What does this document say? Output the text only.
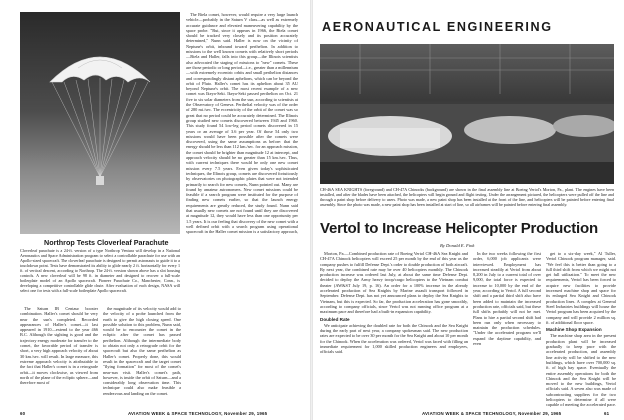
The Biela comet, however, would require a very large launch vehicle—probably in the Saturn V class—as well as extremely accurate guidance and elevated maneuvering capability by the space probe. "But, since it appears in 1966, the Biela comet should be tracked very closely and its position accurately determined," Nunn said. Haller is now on the vicinity of Neptune's orbit, inbound toward perihelion. In addition to missions to the well known comets with relatively short periods—Biela and Haller, falls into this group—the Illinois scientists also advocated the staging of missions to "new" comets. These are those periodic or long period—i.e., greater than a millennium—with extremely eccentric orbits and small perihelion distances and correspondingly distant aphelions, which can be beyond the orbit of Pluto. Haller's comet has its aphelion about 35 AU beyond Neptune's orbit. The most recent example of a new comet was Ikeya-Seki. Ikeya-Seki passed perihelion on Oct. 21 five to six solar diameters from the sun, according to scientists at the Observatory of Geneva. Perihelial velocity was of the order of 280 mi./sec. The eccentricity of the orbit of the comet was so great that no period could be accurately determined. The Illinois group studied new comets discovered between 1945 and 1960. This study found 54 low-leg period comets discovered in 15 years or an average of 3.6 per year. Of those 54 only two missions would have been possible after the comets were discovered, using the same assumptions as before: that the energy should be less than 112 km./sec. for an approach mission, the comet should be brighter than magnitude 12 at intercept, and approach velocity should be no greater than 15 km./sec. Thus, with current techniques there would be only one new comet mission every 7.5 years. Even given today's sophisticated techniques, the Illinois group, comets are discovered fortuitously by observatories on photographic plates that were not intended primarily to search for new comets, Nunn pointed out. Many are found by amateur astronomers. New comet missions could be feasible if a search program were instituted for the purpose of finding new comets earlier, so that the launch energy requirements are greatly reduced, the study found. Nunn said that usually new comets are not found until they are discovered at magnitude 12, they would have less than one opportunity per 1.5 years. It is our feeling that discovery of the new comet with a well defined orbit with a search program using operational spacecraft in the Haller comet mission is a satisfactory approach,

Northrop Tests Cloverleaf Parachute
Cloverleaf parachute is a 24-ft. version of a type Northrop Ventura will develop in a National Aeronautics and Space Administration program to select a controllable parachute for use with an Apollo-sized spacecraft. The cloverleaf parachute is designed to permit astronauts to guide it to a touchdown point. Tests have demonstrated its ability to glide nearly 2 ft. horizontally for every 1 ft. of vertical descent, according to Northrop. The 24-ft. version shown above has a slot housing controls. A new cloverleaf will be 98 ft. in diameter and designed to recover a full-scale boilerplate model of an Apollo spacecraft. Pioneer Parachute Co., Manchester, Conn., is developing a competitive controllable glide chute. After evaluation of each design, NASA will select one for tests with a full-scale boilerplate Apollo spacecraft.

The Saturn IB Centaur booster combination. Haller's comet should be very near the sun's completed. Recorded appearances of Haller's comet—it last appeared in 1910—extend to the year 466 B.C. Although the sighting is good and the trajectory energy moderate for transfer to the comet, the favorable period of transfer is short, a very high approach velocity of about 30 km./sec. will result. In large measure, this extreme approach velocity is attributable to the fact that Haller's comet is in a retrograde orbit—it moves clockwise, as viewed from north of the plane of the ecliptic sphere—and therefore most of

the magnitude of its velocity would add to the velocity of a probe launched from the earth to give the high closing speed. One possible solution to this problem, Nunn said, would be to encounter the comet in the ecliptic after the comet has passed perihelion. Although the intermediate body to obtain not only a retrograde orbit for the spacecraft but also the same perihelion as Haller's comet. Properly done, this would result in the spacecraft and the target comet "flying formation" for most of the comet's near-sun visit. Haller's comet's path, however, is inside the orbit of Saturn—and a considerably long observation time. This technique could also make feasible a rendezvous and landing on the comet.

60	AVIATION WEEK & SPACE TECHNOLOGY, November 29, 1965
AERONAUTICAL ENGINEERING
CH-46A SEA KNIGHTS (foreground) and CH-47A Chinooks (background) are shown in the final assembly line at Boeing Vertol's Morton, Pa., plant. The engines have been installed, and after the blades have been attached, the helicopters will begin ground and flight testing. Under the arrangement pictured, the helicopters were pulled off the line and through a paint shop before delivery to users. Photo was made, a new paint shop has been installed at the front of the line, and helicopters will be painted before entering final assembly. Since the photo was made, a new paint shop has been installed at start of line, so all airframes will be painted before entering final assembly.
Vertol to Increase Helicopter Production
By Donald E. Fink

Morton, Pa.—Combined production rate of Boeing Vertol CH-46A Sea Knight and CH-47A Chinook helicopters will exceed 25 per month by the end of this year as the company pushes to fulfill Defense Dept.'s order to double production of both aircraft. By next year, the combined rate may be over 40 helicopters monthly. The Chinook production increase was ordered last July, at about the same time Defense Dept. decided to deploy the Army heavy troop/cargo helicopters to the Vietnam combat theater (AW&ST July 19, p. 16). An order for a 100% increase in the already accelerated production of Sea Knights by Marine assault transport followed in September. Defense Dept. has not yet announced plans to deploy the Sea Knights to Vietnam, but this is expected. So far, the production acceleration has gone smoothly, according to company officials, since Vertol was not running office program at a maximum pace and therefore had a built-in expansion capability.

Doubled Rate

We anticipate achieving the doubled rate for both the Chinook and the Sea Knight during the early part of next year, a company spokesman said. The new production rates are expected to be over 30 per month for the Sea Knight and about 10 per month for the Chinook. When the acceleration was ordered, Vertol was faced with filling an immediate requirement for 1,000 skilled production engineers and employees, officials said.

In the two weeks following the first order, 6,000 job applicants were interviewed. Employment has increased steadily at Vertol from about 8,200 in July to a current total of over 9,000, the total force is expected to increase to 10,000 by the end of the year, according to Vertol. A full second shift and a partial third shift also have been added to maintain the increased production rate, officials said, but these full shifts probably will not be met. Plans to hire a partial second shift had been run only when necessary to maintain the production schedules. "Under the accelerated program we'll expand the daytime capability, and even

get to a six-day week," Al Tuller, Vertol Chinook program manager, said. "We feel this is better than going to a full third shift from which we might not get full utilization." To meet the new requirements, Vertol has been forced to acquire new facilities to provide increased machine shop and space for its enlarged Sea Knight and Chinook production lines. A complex at General Steel Industries buildings will house the Vertol program has been acquired by the company and will provide 2 million sq. ft. of additional floor space.

Machine Shop Expansion

The machine shop area in the present production plant will be increased gradually to keep pace with the accelerated production, and assembly line activity will be shifted to the new buildings, which have over 700,000 sq. ft. of high bay space. Eventually the entire assembly operations for both the Chinook and the Sea Knight will be moved to the new buildings, Vertol officials said. A seven also was made of subcontracting suppliers for the two helicopters to determine if all were capable of meeting the accelerated pace.

AVIATION WEEK & SPACE TECHNOLOGY, November 29, 1965	61
